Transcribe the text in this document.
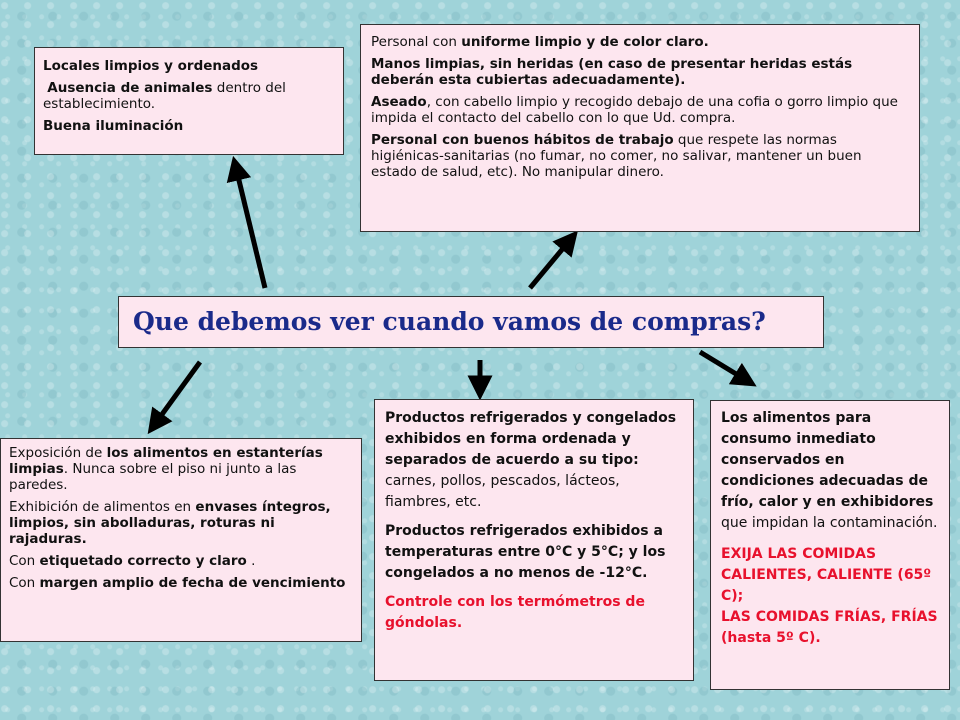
Que debemos ver cuando vamos de compras?

Locales limpios y ordenados

Ausencia de animales dentro del establecimiento.

Buena iluminación

Personal con uniforme limpio y de color claro.

Manos limpias, sin heridas (en caso de presentar heridas estás deberán esta cubiertas adecuadamente).

Aseado, con cabello limpio y recogido debajo de una cofia o gorro limpio que impida el contacto del cabello con lo que Ud. compra.

Personal con buenos hábitos de trabajo que respete las normas higiénicas-sanitarias (no fumar, no comer, no salivar, mantener un buen estado de salud, etc). No manipular dinero.

Exposición de los alimentos en estanterías limpias. Nunca sobre el piso ni junto a las paredes.

Exhibición de alimentos en envases íntegros, limpios, sin abolladuras, roturas ni rajaduras.

Con etiquetado correcto y claro .

Con margen amplio de fecha de vencimiento

Productos refrigerados y congelados exhibidos en forma ordenada y separados de acuerdo a su tipo: carnes, pollos, pescados, lácteos, fiambres, etc.

Productos refrigerados exhibidos a temperaturas entre 0°C y 5°C; y los congelados a no menos de -12°C.

Controle con los termómetros de góndolas.

Los alimentos para consumo inmediato conservados en condiciones adecuadas de frío, calor y en exhibidores que impidan la contaminación.

EXIJA LAS COMIDAS CALIENTES, CALIENTE (65º C);

LAS COMIDAS FRÍAS, FRÍAS (hasta 5º C).
